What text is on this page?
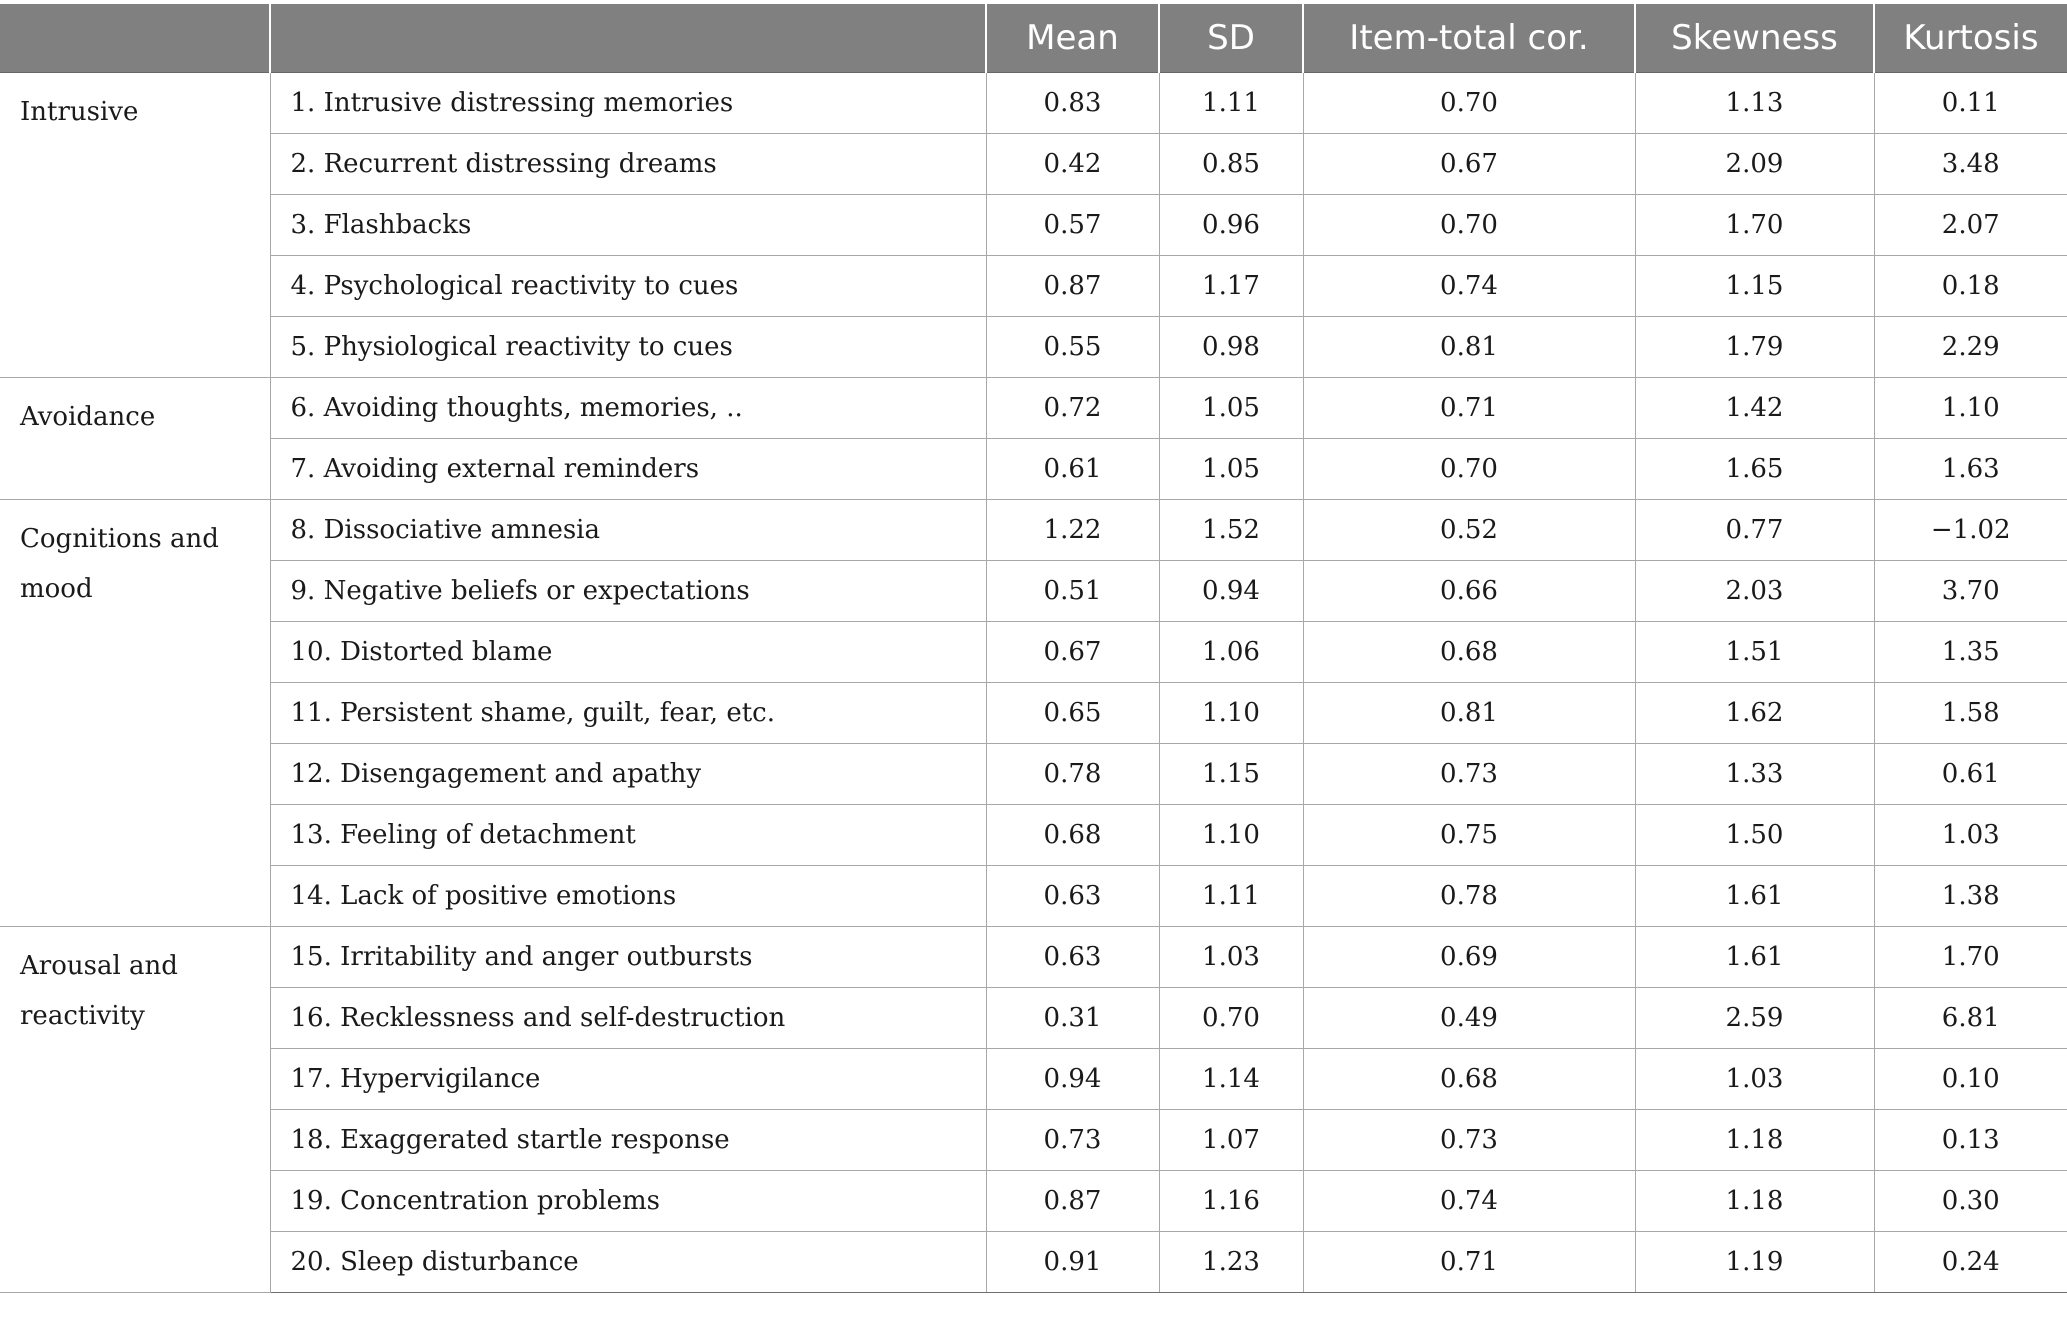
		Mean	SD	Item-total cor.	Skewness	Kurtosis
Intrusive	1. Intrusive distressing memories	0.83	1.11	0.70	1.13	0.11
	2. Recurrent distressing dreams	0.42	0.85	0.67	2.09	3.48
	3. Flashbacks	0.57	0.96	0.70	1.70	2.07
	4. Psychological reactivity to cues	0.87	1.17	0.74	1.15	0.18
	5. Physiological reactivity to cues	0.55	0.98	0.81	1.79	2.29
Avoidance	6. Avoiding thoughts, memories, ..	0.72	1.05	0.71	1.42	1.10
	7. Avoiding external reminders	0.61	1.05	0.70	1.65	1.63
Cognitions and mood	8. Dissociative amnesia	1.22	1.52	0.52	0.77	−1.02
	9. Negative beliefs or expectations	0.51	0.94	0.66	2.03	3.70
	10. Distorted blame	0.67	1.06	0.68	1.51	1.35
	11. Persistent shame, guilt, fear, etc.	0.65	1.10	0.81	1.62	1.58
	12. Disengagement and apathy	0.78	1.15	0.73	1.33	0.61
	13. Feeling of detachment	0.68	1.10	0.75	1.50	1.03
	14. Lack of positive emotions	0.63	1.11	0.78	1.61	1.38
Arousal and reactivity	15. Irritability and anger outbursts	0.63	1.03	0.69	1.61	1.70
	16. Recklessness and self-destruction	0.31	0.70	0.49	2.59	6.81
	17. Hypervigilance	0.94	1.14	0.68	1.03	0.10
	18. Exaggerated startle response	0.73	1.07	0.73	1.18	0.13
	19. Concentration problems	0.87	1.16	0.74	1.18	0.30
	20. Sleep disturbance	0.91	1.23	0.71	1.19	0.24
